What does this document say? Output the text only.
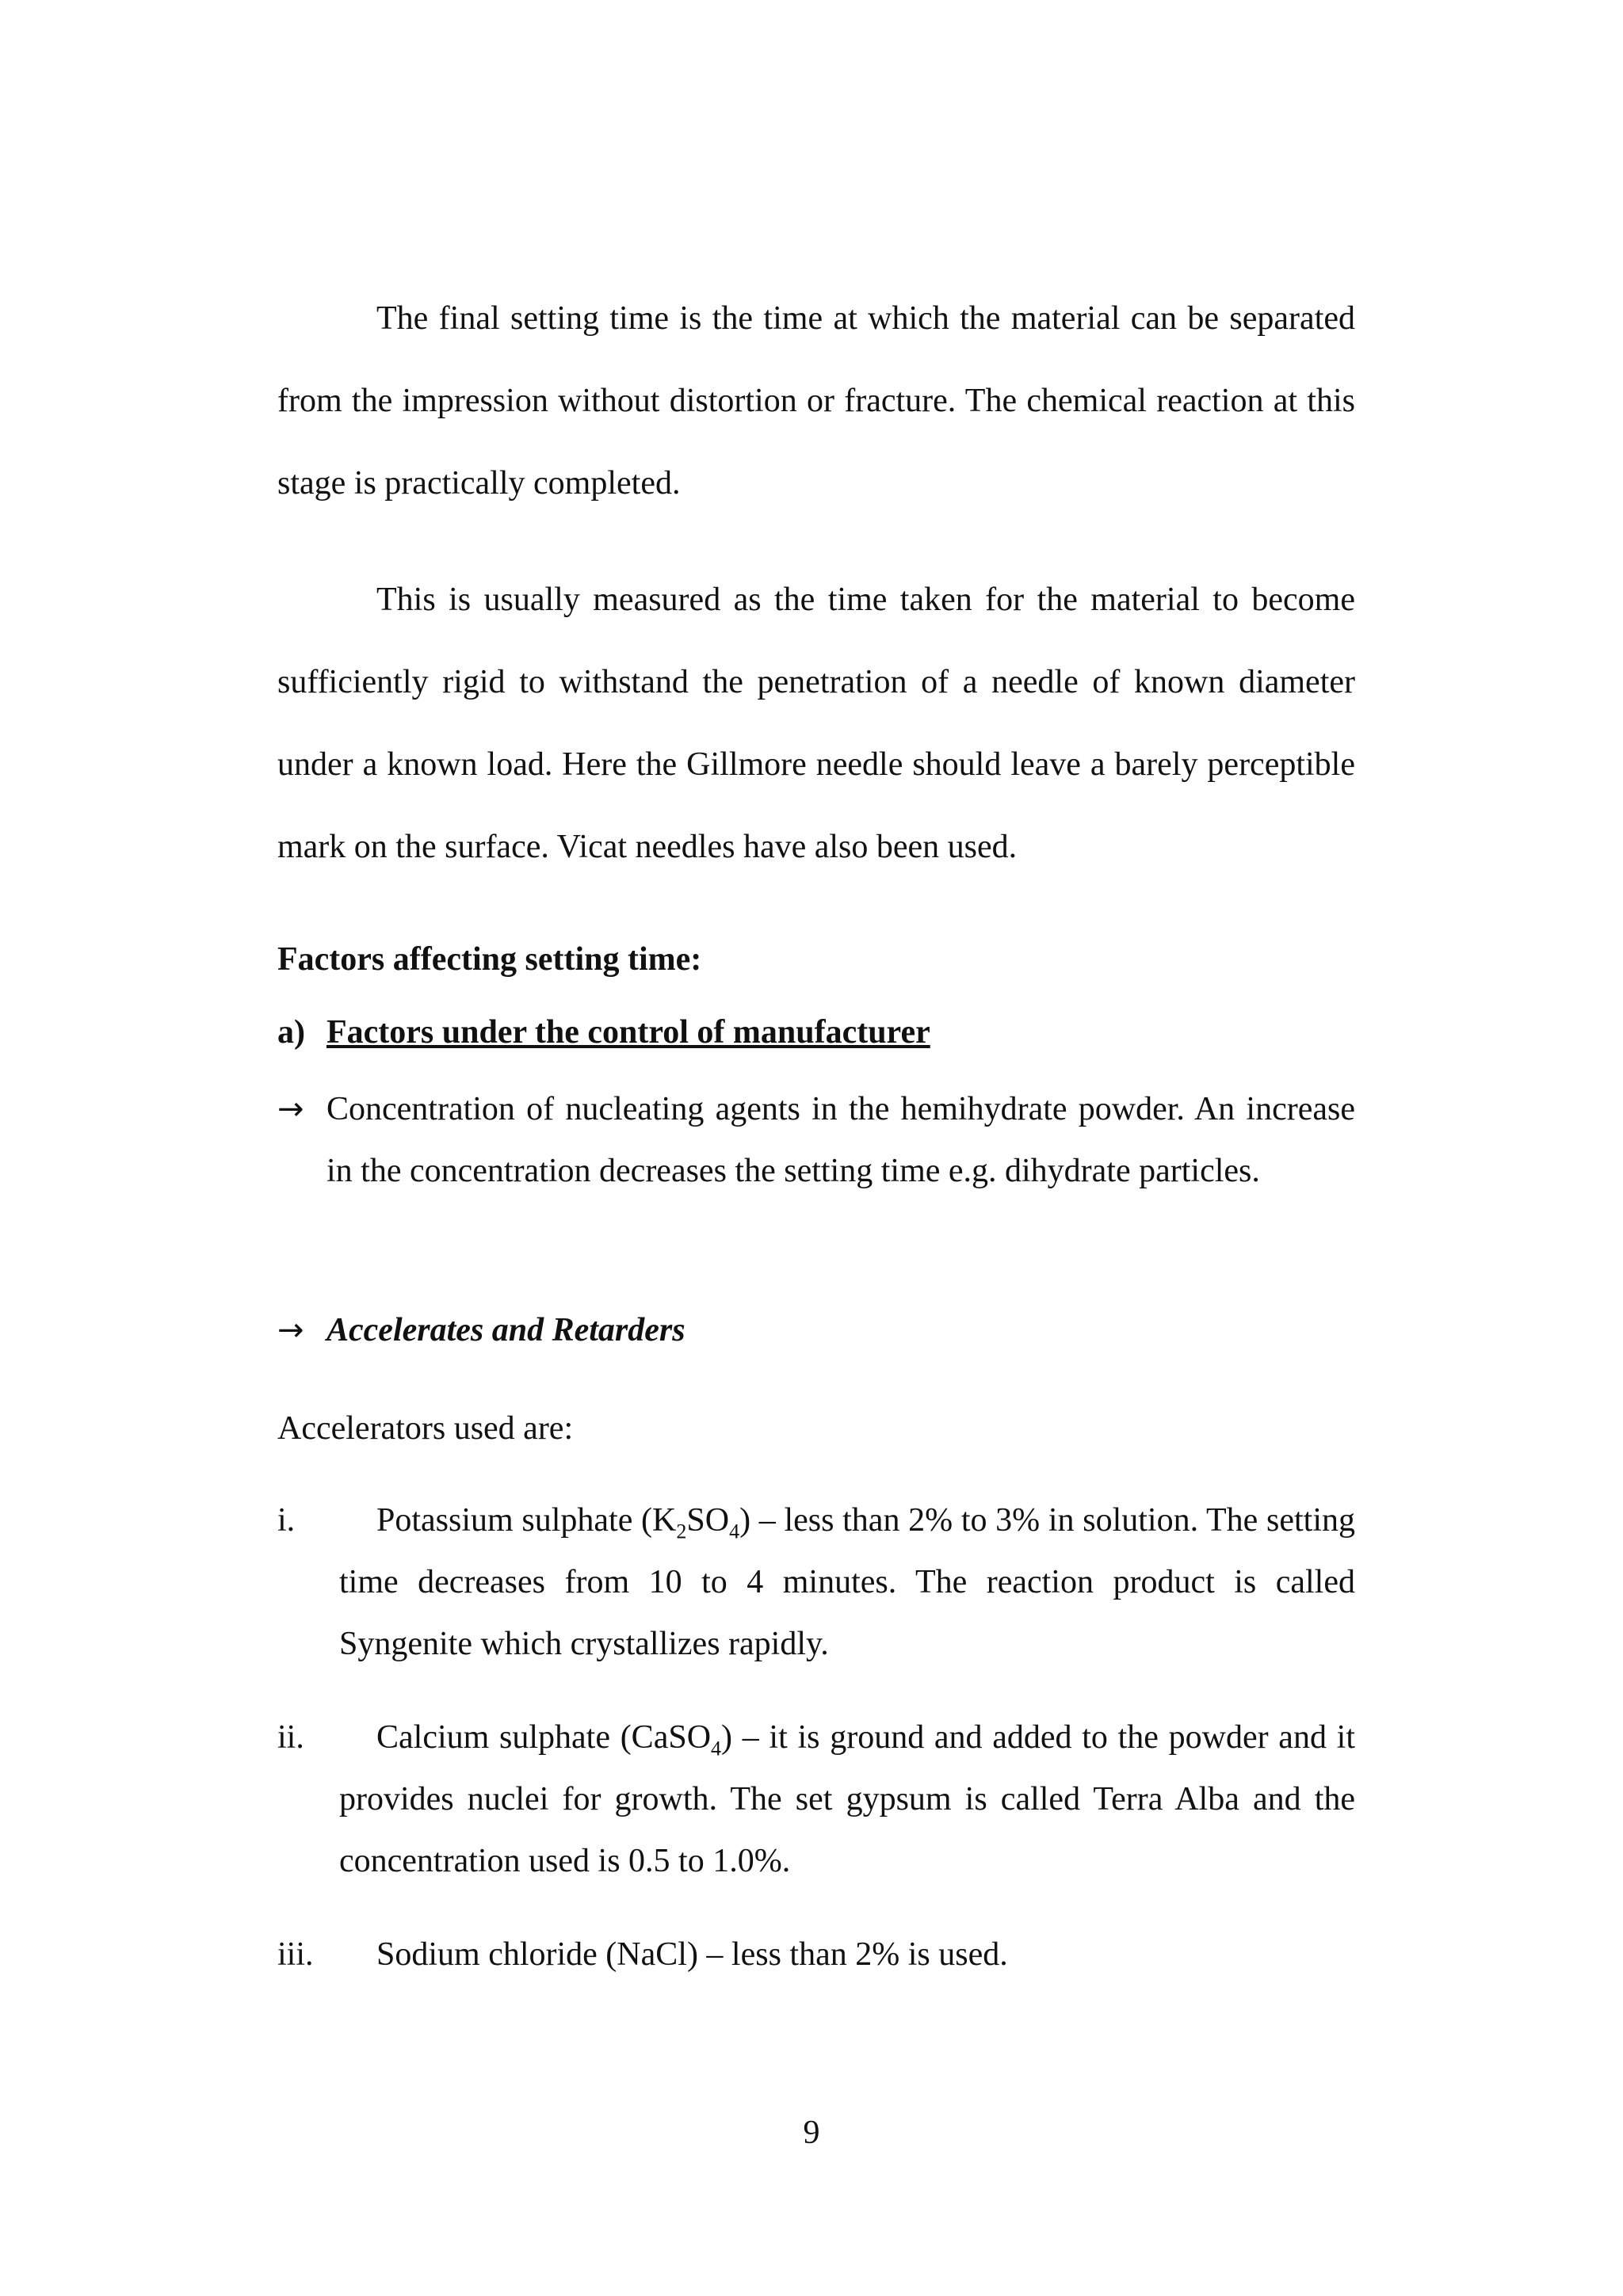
The final setting time is the time at which the material can be separated from the impression without distortion or fracture. The chemical reaction at this stage is practically completed.

This is usually measured as the time taken for the material to become sufficiently rigid to withstand the penetration of a needle of known diameter under a known load. Here the Gillmore needle should leave a barely perceptible mark on the surface. Vicat needles have also been used.

Factors affecting setting time:

a) Factors under the control of manufacturer

→ Concentration of nucleating agents in the hemihydrate powder. An increase in the concentration decreases the setting time e.g. dihydrate particles.
→ Accelerates and Retarders

Accelerators used are:

i.	Potassium sulphate $(K_2SO_4)$ – less than 2% to 3% in solution. The setting time decreases from 10 to 4 minutes. The reaction product is called Syngenite which crystallizes rapidly.
ii.	Calcium sulphate (CaSO$_4$) – it is ground and added to the powder and it provides nuclei for growth. The set gypsum is called Terra Alba and the concentration used is 0.5 to 1.0%.
iii.	Sodium chloride (NaCl) – less than 2% is used.

9
